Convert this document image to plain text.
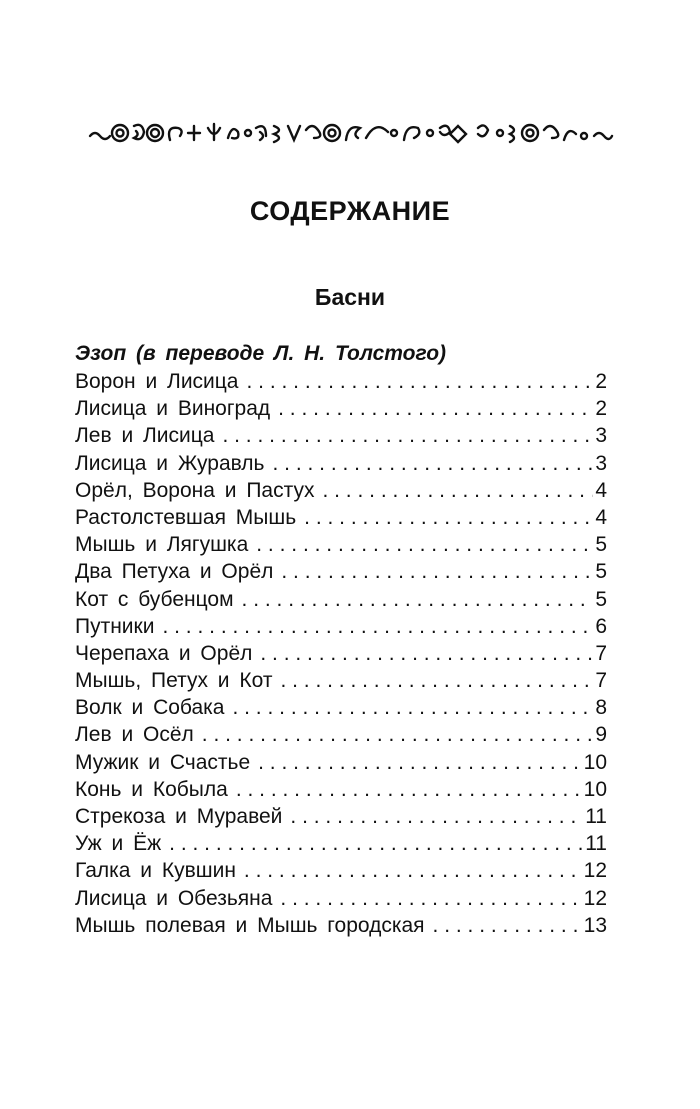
СОДЕРЖАНИЕ
Басни

Эзоп (в переводе Л. Н. Толстого)

Ворон и Лисица . . .	2
Лисица и Виноград . . .	2
Лев и Лисица . . .	3
Лисица и Журавль . . .	3
Орёл, Ворона и Пастух . . .	4
Растолстевшая Мышь . . .	4
Мышь и Лягушка . . .	5
Два Петуха и Орёл . . .	5
Кот с бубенцом . . .	5
Путники . . .	6
Черепаха и Орёл . . .	7
Мышь, Петух и Кот . . .	7
Волк и Собака . . .	8
Лев и Осёл . . .	9
Мужик и Счастье . . .	10
Конь и Кобыла . . .	10
Стрекоза и Муравей . . .	11
Уж и Ёж . . .	11
Галка и Кувшин . . .	12
Лисица и Обезьяна . . .	12
Мышь полевая и Мышь городская . . .	13
